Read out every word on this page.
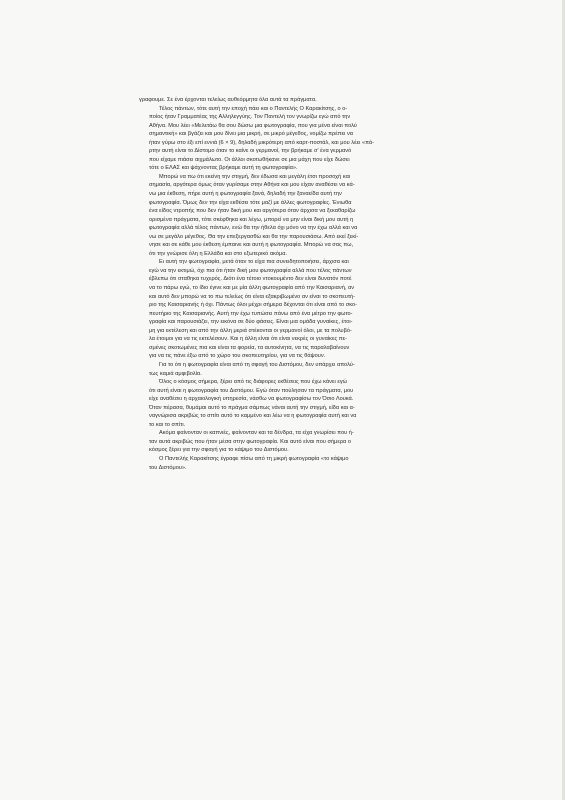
γραφουμε. Σε ένα έρχονται τελείως αυθεόρμητα όλα αυτά τα πράγματα.
Τέλος πάντων, τότε αυτή την εποχή πάει και ο Παντελής Ο Καρακίτσης, ο ο-
ποίος ήταν Γραμματέας της Αλληλεγγύης. Τον Παντελή τον γνωρίζω εγώ από την
Αθήνα. Μου λέει «Μελετάω θα σου δώσω μια φωτογραφία, που για μένα είναι πολύ
σημαντική» και βγάζει και μου δίνει μια μικρή, σε μικρό μέγεθος, νομίζω πρέπει να
ήταν γύρω στο έξι επί εννιά (6 × 9), δηλαδή μικρότερη από καρτ-ποστάλ, και μου λέει «πά-
ρτην αυτή είναι το Δίστομο όταν το καίνε οι γερμανοί, την βρήκαμε σ' ένα γερμανό
που είχαμε πιάσει αιχμάλωτο. Οι άλλοι σκοτωθήκανε σε μια μάχη που είχε δώσει
τότε ο ΕΛΑΣ και ψάχνοντας βρήκαμε αυτή τη φωτογραφία».
Μπορώ να πω ότι εκείνη την στιγμή, δεν έδωσα και μεγάλη έτσι προσοχή και
σημασία, αργότερα όμως όταν γυρίσαμε στην Αθήνα και μου είχαν αναθέσει να κά-
νω μια έκθεση, πήρε αυτή η φωτογραφία ξανά, δηλαδή την ξαναείδα αυτή την
φωτογραφία. Όμως δεν την είχα εκθέσει τότε μαζί με άλλες φωτογραφίες. Ένιωθα
ένα είδος ντροπής που δεν ήταν δική μου και αργότερα όταν άρχισα να ξεκαθαρίζω
ορισμένα πράγματα, τότε σκέφθηκα και λέγω, μπορεί να μην είναι δική μου αυτή η
φωτογραφία αλλά τέλος πάντων, ενώ θα την ήθελα όχι μόνο να την έχω αλλά και να
νω σε μεγάλο μέγεθος. Θα την επεξεργασθώ και θα την παρουσιάσω. Από εκεί ξεκί-
νησε και σε κάθε μου έκθεση έμπαινε και αυτή η φωτογραφία. Μπορώ να σας πω,
ότι την γνώρισε όλη η Ελλάδα και στο εξωτερικό ακόμα.
Ει αυτή την φωτογραφία, μετά όταν το είχα πια συνειδητοποιήσει, άρχισα και
εγώ να την εκτιμώ, όχι πια ότι ήταν δική μου φωτογραφία αλλά που τέλος πάντων
έβλεπω ότι σταθηκα τυχερός. Διότι ένα τέτοιο ντοκουμέντο δεν είναι δυνατόν ποτέ
να το πάρω εγώ, το ίδιο έγινε και με μία άλλη φωτογραφία από την Καισαριανή, αν
και αυτό δεν μπορώ να το πω τελείως ότι είναι εξακριβωμένο αν είναι το σκοπευτή-
ριο της Καισαριανής ή όχι. Πάντως όλοι μέχρι σήμερα δέχονται ότι είναι από το σκο-
πευτήριο της Καισαριανής. Αυτή την έχω τυπώσει πάνω από ένα μέτρο την φωτο-
γραφία και παρουσιάζει, την εικόνα σε δύο φάσεις. Είναι μια ομάδα γυναίκες, έτοι-
μη για εκτέλεση και από την άλλη μεριά στέκονται οι γερμανοί όλοι, με τα πολυβό-
λα έτοιμοι για να τις εκτελέσουν. Και η άλλη είναι ότι είναι νεκρές οι γυναίκες πε-
σμένες σκοτωμένες πια και είναι τα φορεία, τα αυτοκίνητα, να τις παραλαβαίνουν
για να τις πάνε έξω από το χώρο του σκοπευτηρίου, για να τις θάψουν.
Για το ότι η φωτογραφία είναι από τη σφαγή του Διστόμου, δεν υπάρχει απολύ-
τως καμιά αμφιβολία.
Όλος ο κόσμος σήμερα, ξέρει από τις διάφορες εκθέσεις που έχω κάνει εγώ
ότι αυτή είναι η φωτογραφία του Διστόμου. Εγώ όταν πούλησαν τα πράγματα, μου
είχε αναθέσει η αρχαιολογική υπηρεσία, νάσθω να φωτογραφίσω τον Όσιο Λουκά.
Όταν πέρασα, θυμάμαι αυτό το πράγμα σάμπως νάναι αυτή την στιγμή, είδα και α-
ναγνώρισα ακριβώς το σπίτι αυτό το καμμένο και λέω να η φωτογραφία αυτή και να
το και το σπίτι.
Ακόμα φαίνονταν οι καπνιές, φαίνονταν και τα δένδρα, τα είχα γνωρίσει που ή-
ταν αυτά ακριβώς που ήταν μέσα στην φωτογραφία. Και αυτό είναι που σήμερα ο
κόσμος ξέρει για την σφαγή για το κάψιμο του Διστόμου.
Ο Παντελής Καρακίτσης έγραφε πίσω από τη μικρή φωτογραφία «το κάψιμο
του Διστόμου».
